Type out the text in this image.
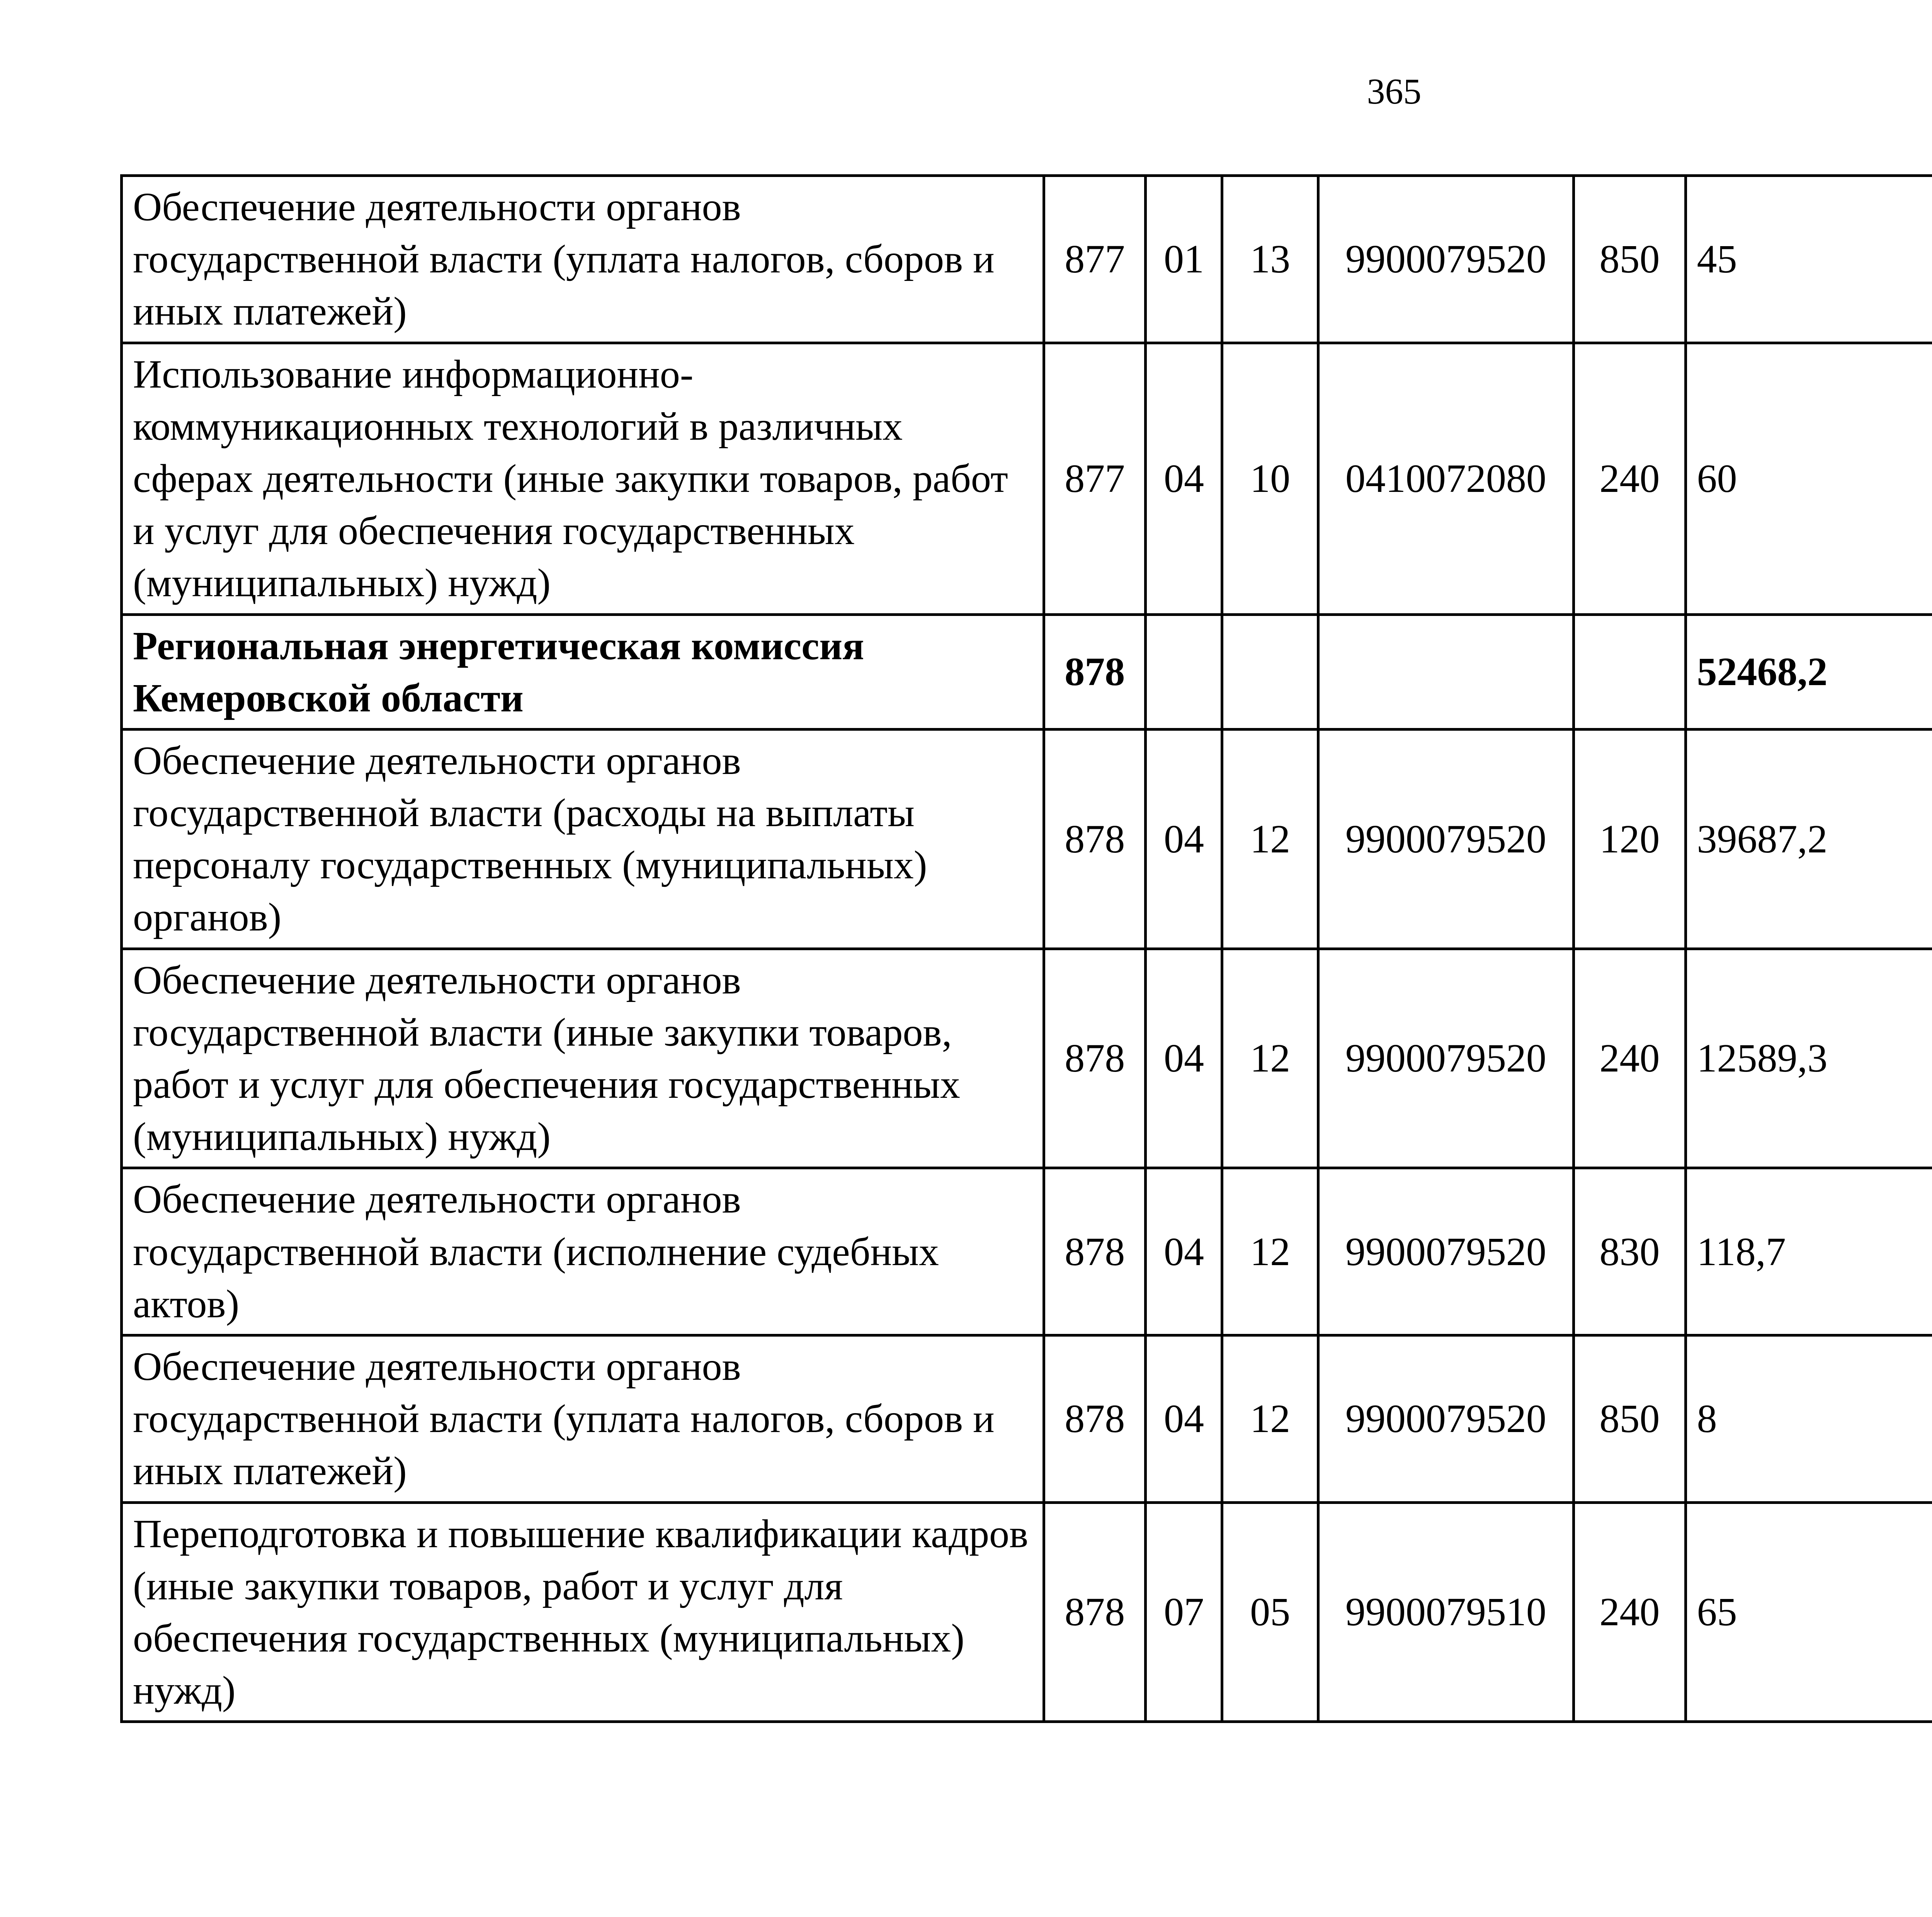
365
Обеспечение деятельности органов государственной власти (уплата налогов, сборов и иных платежей)	877	01	13	9900079520	850	45		
Использование информационно-коммуникационных технологий в различных сферах деятельности (иные закупки товаров, работ и услуг для обеспечения государственных (муниципальных) нужд)	877	04	10	0410072080	240	60		
Региональная энергетическая комиссия Кемеровской области	878					52468,2		
Обеспечение деятельности органов государственной власти (расходы на выплаты персоналу государственных (муниципальных) органов)	878	04	12	9900079520	120	39687,2		
Обеспечение деятельности органов государственной власти (иные закупки товаров, работ и услуг для обеспечения государственных (муниципальных) нужд)	878	04	12	9900079520	240	12589,3		
Обеспечение деятельности органов государственной власти (исполнение судебных актов)	878	04	12	9900079520	830	118,7		
Обеспечение деятельности органов государственной власти (уплата налогов, сборов и иных платежей)	878	04	12	9900079520	850	8		
Переподготовка и повышение квалификации кадров (иные закупки товаров, работ и услуг для обеспечения государственных (муниципальных) нужд)	878	07	05	9900079510	240	65		
